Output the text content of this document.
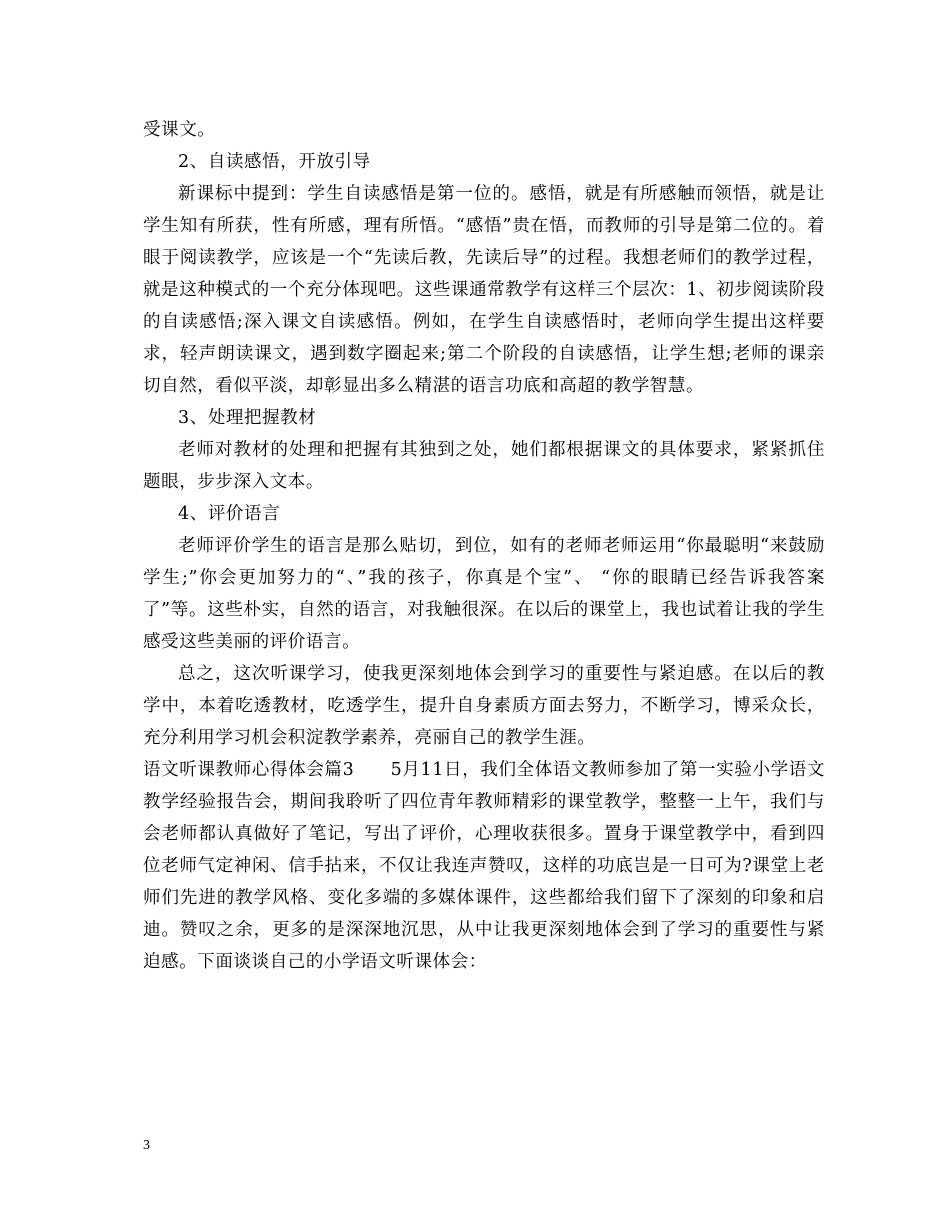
受课文。

2、自读感悟，开放引导

新课标中提到：学生自读感悟是第一位的。感悟，就是有所感触而领悟，就是让学生知有所获，性有所感，理有所悟。“感悟”贵在悟，而教师的引导是第二位的。着眼于阅读教学，应该是一个“先读后教，先读后导”的过程。我想老师们的教学过程，就是这种模式的一个充分体现吧。这些课通常教学有这样三个层次：1、初步阅读阶段的自读感悟;深入课文自读感悟。例如，在学生自读感悟时，老师向学生提出这样要求，轻声朗读课文，遇到数字圈起来;第二个阶段的自读感悟，让学生想;老师的课亲切自然，看似平淡，却彰显出多么精湛的语言功底和高超的教学智慧。

3、处理把握教材

老师对教材的处理和把握有其独到之处，她们都根据课文的具体要求，紧紧抓住题眼，步步深入文本。

4、评价语言

老师评价学生的语言是那么贴切，到位，如有的老师老师运用“你最聪明“来鼓励学生;”你会更加努力的“、”我的孩子，你真是个宝”、 “你的眼睛已经告诉我答案了”等。这些朴实，自然的语言，对我触很深。在以后的课堂上，我也试着让我的学生感受这些美丽的评价语言。

总之，这次听课学习，使我更深刻地体会到学习的重要性与紧迫感。在以后的教学中，本着吃透教材，吃透学生，提升自身素质方面去努力，不断学习，博采众长，充分利用学习机会积淀教学素养，亮丽自己的教学生涯。

语文听课教师心得体会篇3　　5月11日，我们全体语文教师参加了第一实验小学语文教学经验报告会，期间我聆听了四位青年教师精彩的课堂教学，整整一上午，我们与会老师都认真做好了笔记，写出了评价，心理收获很多。置身于课堂教学中，看到四位老师气定神闲、信手拈来，不仅让我连声赞叹，这样的功底岂是一日可为?课堂上老师们先进的教学风格、变化多端的多媒体课件，这些都给我们留下了深刻的印象和启迪。赞叹之余，更多的是深深地沉思，从中让我更深刻地体会到了学习的重要性与紧迫感。下面谈谈自己的小学语文听课体会：

3
